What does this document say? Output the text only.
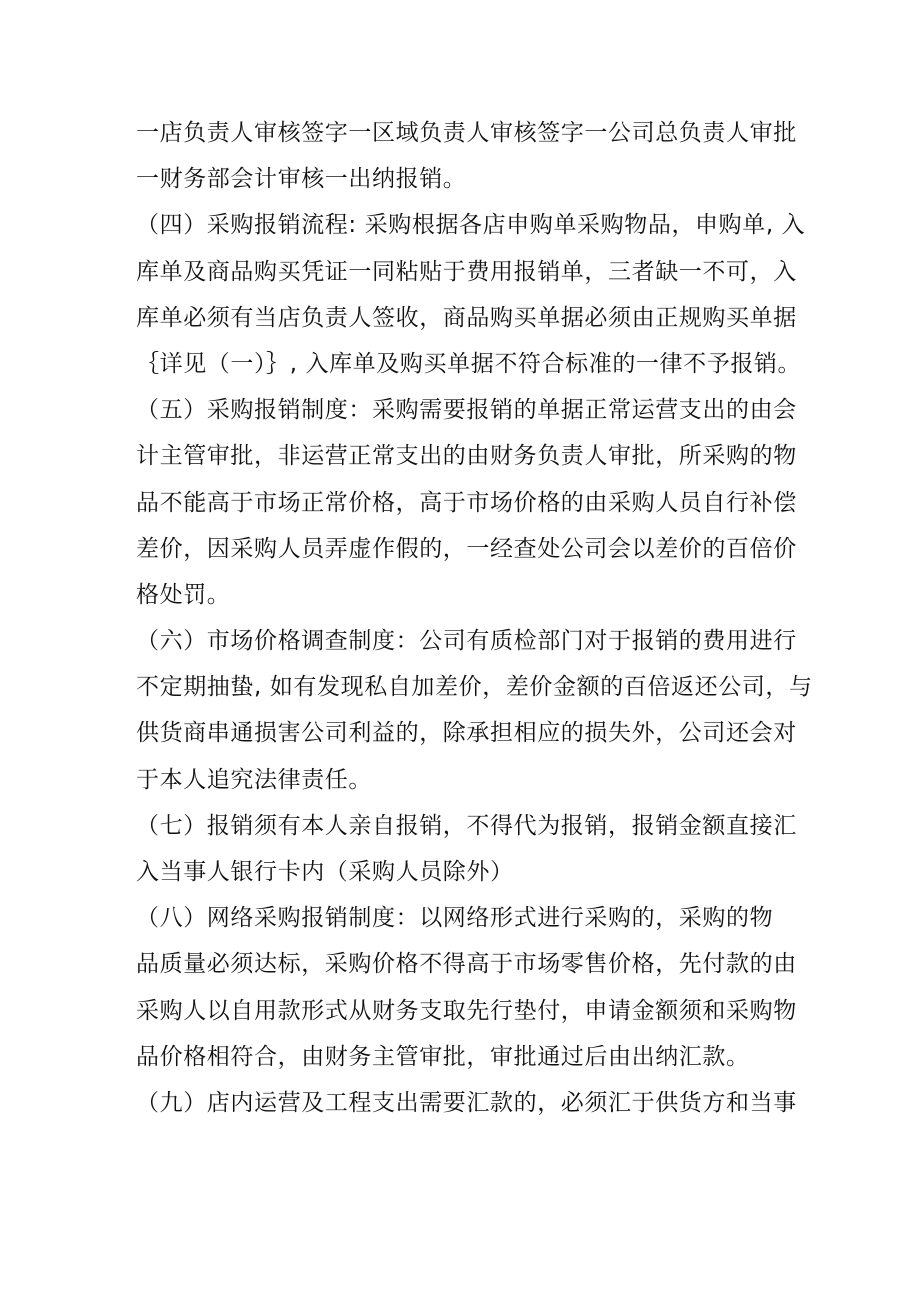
一店负责人审核签字一区域负责人审核签字一公司总负责人审批
一财务部会计审核一出纳报销。
（四）采购报销流程: 采购根据各店申购单采购物品，申购单, 入
库单及商品购买凭证一同粘贴于费用报销单，三者缺一不可，入
库单必须有当店负责人签收，商品购买单据必须由正规购买单据
｛详见（一）｝, 入库单及购买单据不符合标准的一律不予报销。
（五）采购报销制度：采购需要报销的单据正常运营支出的由会
计主管审批，非运营正常支出的由财务负责人审批，所采购的物
品不能高于市场正常价格，高于市场价格的由采购人员自行补偿
差价，因采购人员弄虚作假的，一经查处公司会以差价的百倍价
格处罚。
（六）市场价格调查制度：公司有质检部门对于报销的费用进行
不定期抽蛰, 如有发现私自加差价，差价金额的百倍返还公司，与
供货商串通损害公司利益的，除承担相应的损失外，公司还会对
于本人追究法律责任。
（七）报销须有本人亲自报销，不得代为报销，报销金额直接汇
入当事人银行卡内（采购人员除外）
（八）网络采购报销制度：以网络形式进行采购的，采购的物
品质量必须达标，采购价格不得高于市场零售价格，先付款的由
采购人以自用款形式从财务支取先行垫付，申请金额须和采购物
品价格相符合，由财务主管审批，审批通过后由出纳汇款。
（九）店内运营及工程支出需要汇款的，必须汇于供货方和当事
